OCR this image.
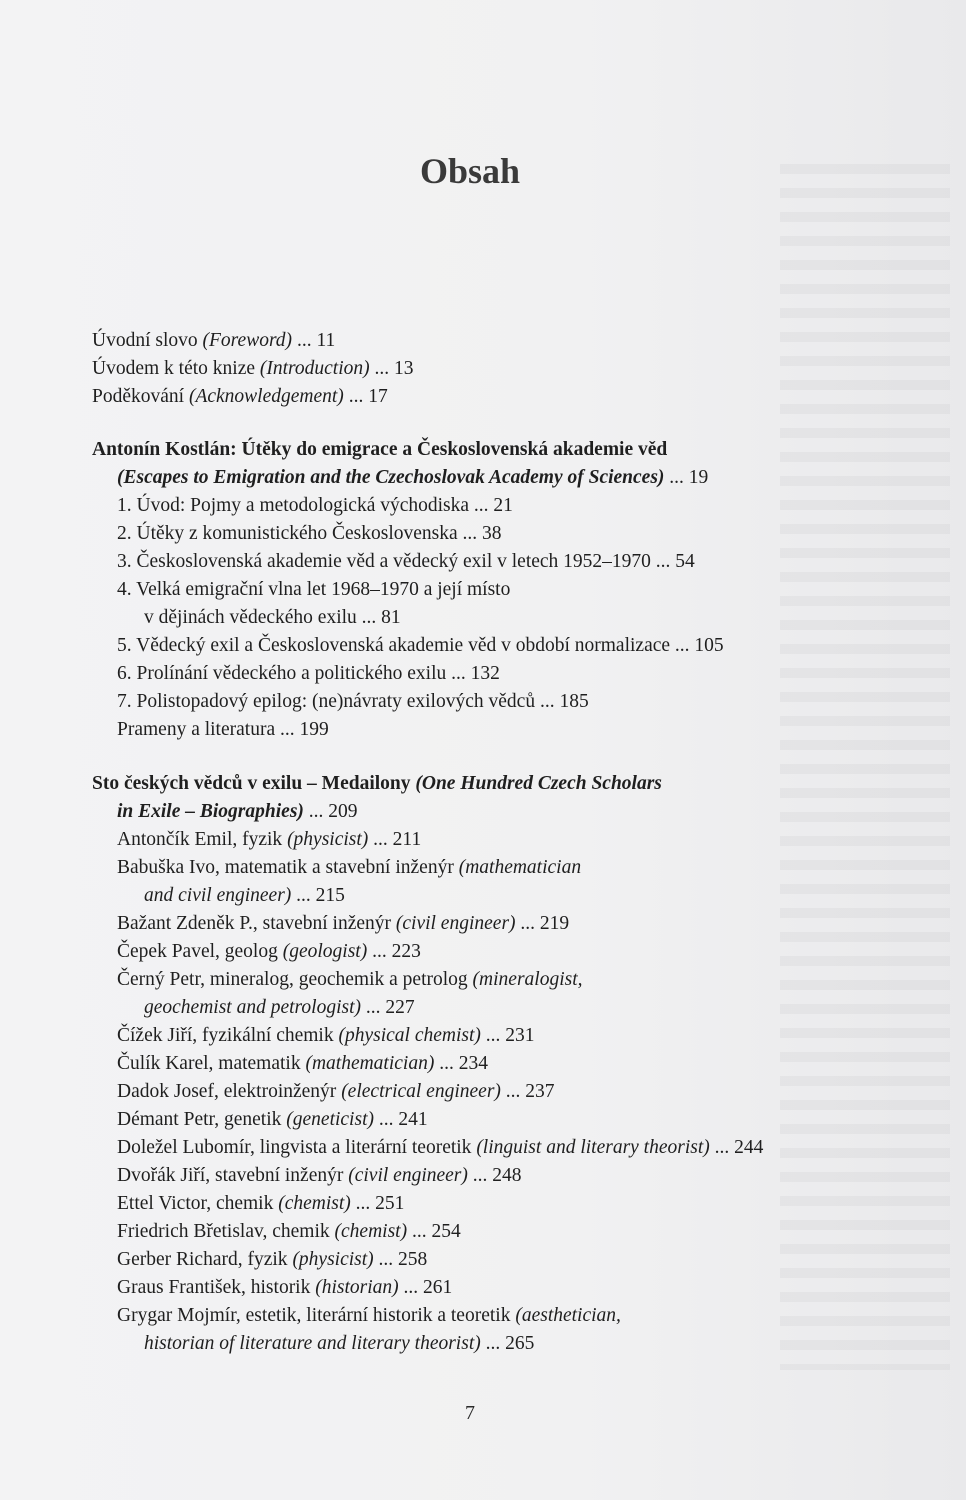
Obsah
Úvodní slovo (Foreword) ... 11
Úvodem k této knize (Introduction) ... 13
Poděkování (Acknowledgement) ... 17
Antonín Kostlán: Útěky do emigrace a Československá akademie věd
(Escapes to Emigration and the Czechoslovak Academy of Sciences) ... 19
1. Úvod: Pojmy a metodologická východiska ... 21
2. Útěky z komunistického Československa ... 38
3. Československá akademie věd a vědecký exil v letech 1952–1970 ... 54
4. Velká emigrační vlna let 1968–1970 a její místo
v dějinách vědeckého exilu ... 81
5. Vědecký exil a Československá akademie věd v období normalizace ... 105
6. Prolínání vědeckého a politického exilu ... 132
7. Polistopadový epilog: (ne)návraty exilových vědců ... 185
Prameny a literatura ... 199
Sto českých vědců v exilu – Medailony (One Hundred Czech Scholars
in Exile – Biographies) ... 209
Antončík Emil, fyzik (physicist) ... 211
Babuška Ivo, matematik a stavební inženýr (mathematician
and civil engineer) ... 215
Bažant Zdeněk P., stavební inženýr (civil engineer) ... 219
Čepek Pavel, geolog (geologist) ... 223
Černý Petr, mineralog, geochemik a petrolog (mineralogist,
geochemist and petrologist) ... 227
Čížek Jiří, fyzikální chemik (physical chemist) ... 231
Čulík Karel, matematik (mathematician) ... 234
Dadok Josef, elektroinženýr (electrical engineer) ... 237
Démant Petr, genetik (geneticist) ... 241
Doležel Lubomír, lingvista a literární teoretik (linguist and literary theorist) ... 244
Dvořák Jiří, stavební inženýr (civil engineer) ... 248
Ettel Victor, chemik (chemist) ... 251
Friedrich Břetislav, chemik (chemist) ... 254
Gerber Richard, fyzik (physicist) ... 258
Graus František, historik (historian) ... 261
Grygar Mojmír, estetik, literární historik a teoretik (aesthetician,
historian of literature and literary theorist) ... 265
7
